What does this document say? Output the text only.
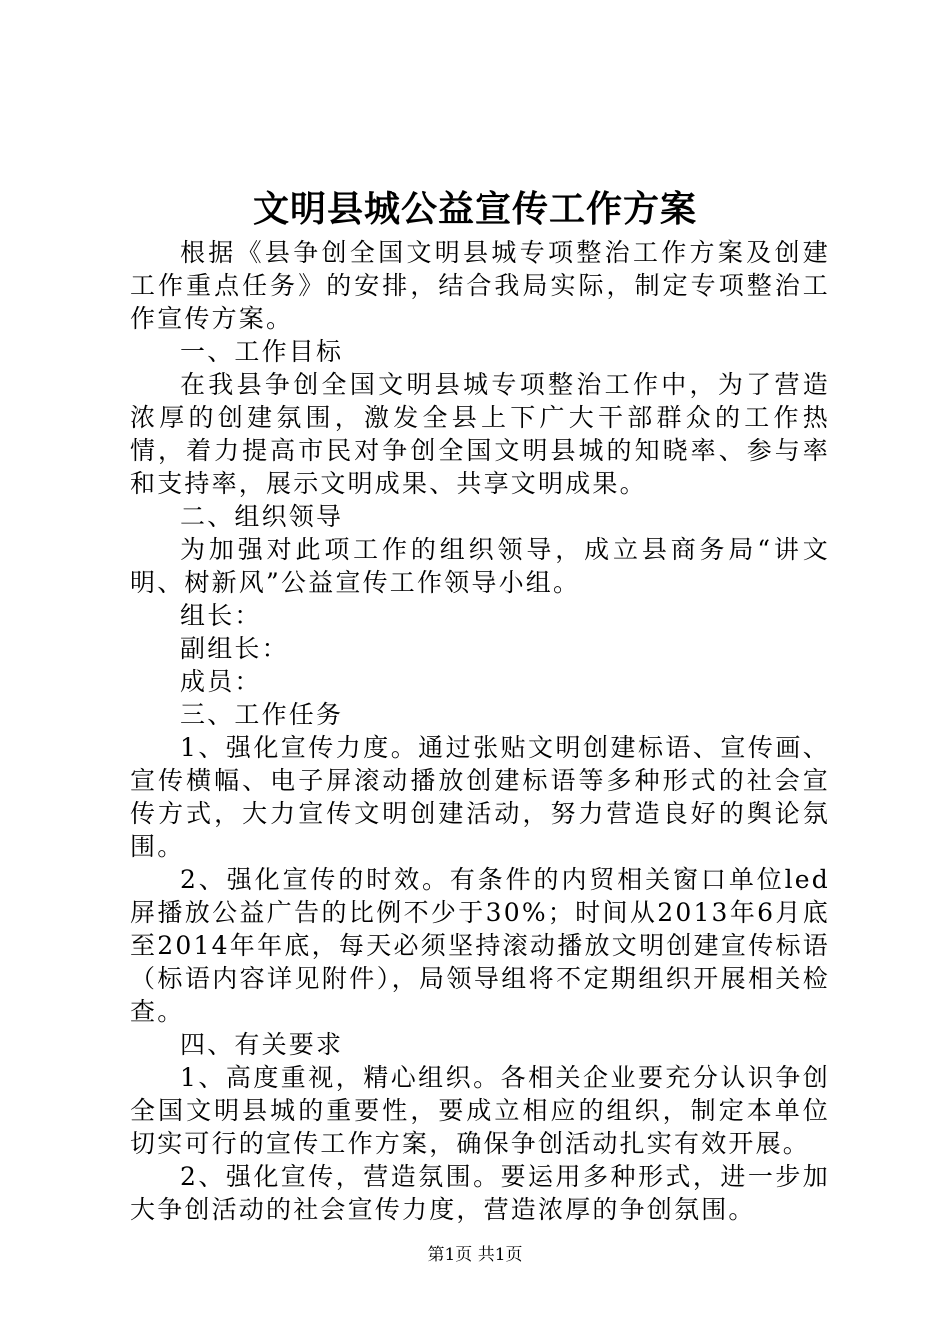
文明县城公益宣传工作方案

根据《县争创全国文明县城专项整治工作方案及创建工作重点任务》的安排，结合我局实际，制定专项整治工作宣传方案。

一、工作目标

在我县争创全国文明县城专项整治工作中，为了营造浓厚的创建氛围，激发全县上下广大干部群众的工作热情，着力提高市民对争创全国文明县城的知晓率、参与率和支持率，展示文明成果、共享文明成果。

二、组织领导

为加强对此项工作的组织领导，成立县商务局“讲文明、树新风”公益宣传工作领导小组。

组长：

副组长：

成员：

三、工作任务

1、强化宣传力度。通过张贴文明创建标语、宣传画、宣传横幅、电子屏滚动播放创建标语等多种形式的社会宣传方式，大力宣传文明创建活动，努力营造良好的舆论氛围。

2、强化宣传的时效。有条件的内贸相关窗口单位led屏播放公益广告的比例不少于30%；时间从2013年6月底至2014年年底，每天必须坚持滚动播放文明创建宣传标语（标语内容详见附件），局领导组将不定期组织开展相关检查。

四、有关要求

1、高度重视，精心组织。各相关企业要充分认识争创全国文明县城的重要性，要成立相应的组织，制定本单位切实可行的宣传工作方案，确保争创活动扎实有效开展。

2、强化宣传，营造氛围。要运用多种形式，进一步加大争创活动的社会宣传力度，营造浓厚的争创氛围。

第1页 共1页
